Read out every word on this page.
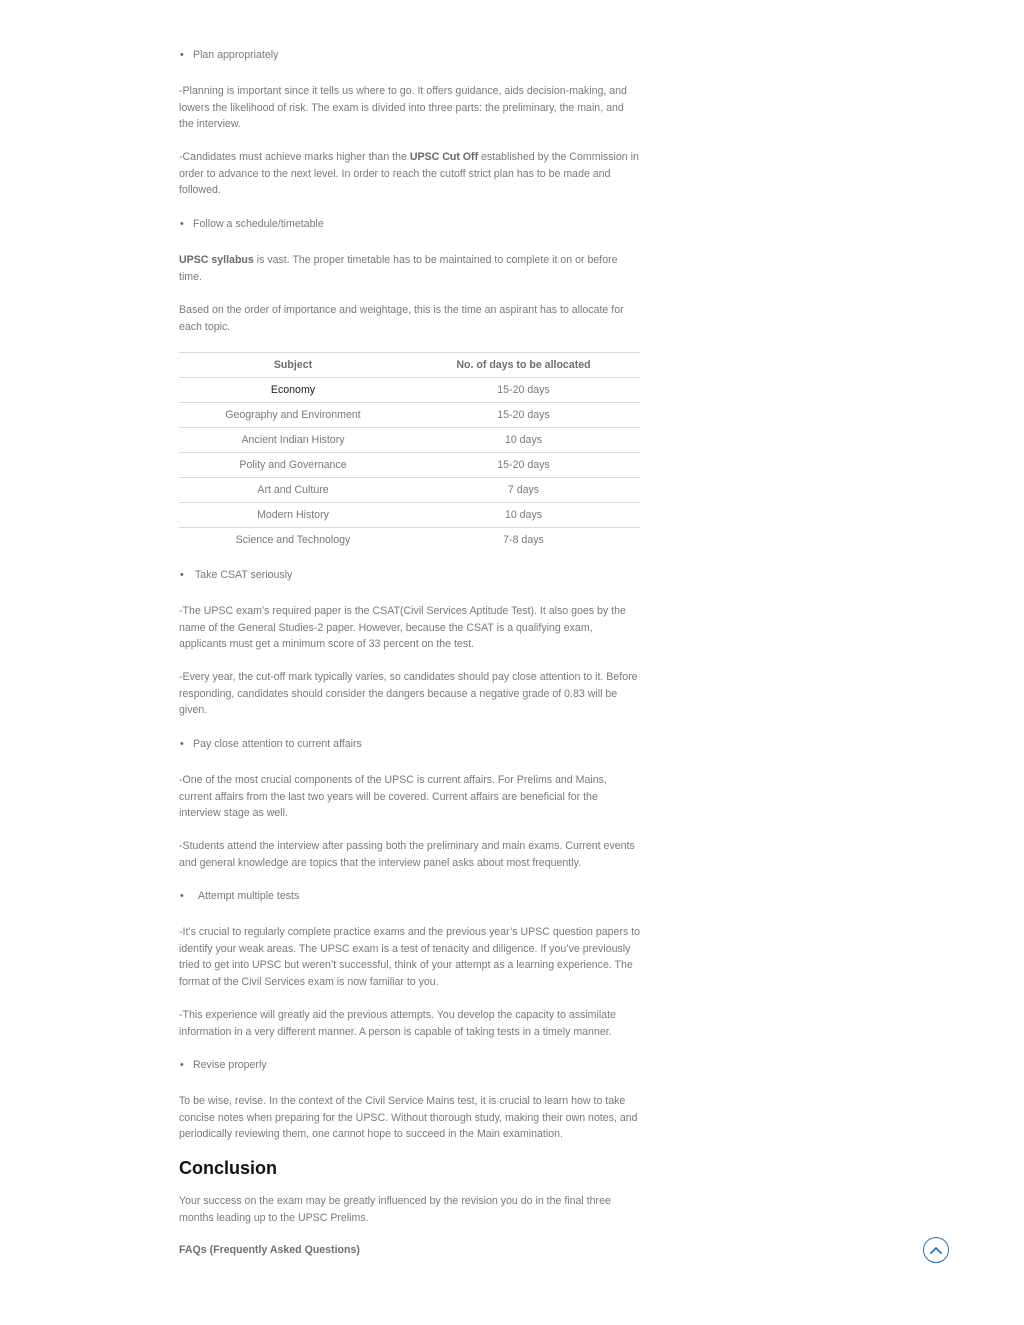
• Plan appropriately

-Planning is important since it tells us where to go. It offers guidance, aids decision-making, and lowers the likelihood of risk. The exam is divided into three parts: the preliminary, the main, and the interview.

-Candidates must achieve marks higher than the UPSC Cut Off established by the Commission in order to advance to the next level. In order to reach the cutoff strict plan has to be made and followed.

• Follow a schedule/timetable

UPSC syllabus is vast. The proper timetable has to be maintained to complete it on or before time.

Based on the order of importance and weightage, this is the time an aspirant has to allocate for each topic.

Subject	No. of days to be allocated
Economy	15-20 days
Geography and Environment	15-20 days
Ancient Indian History	10 days
Polity and Governance	15-20 days
Art and Culture	7 days
Modern History	10 days
Science and Technology	7-8 days
• Take CSAT seriously

-The UPSC exam’s required paper is the CSAT(Civil Services Aptitude Test). It also goes by the name of the General Studies-2 paper. However, because the CSAT is a qualifying exam, applicants must get a minimum score of 33 percent on the test.

-Every year, the cut-off mark typically varies, so candidates should pay close attention to it. Before responding, candidates should consider the dangers because a negative grade of 0.83 will be given.

• Pay close attention to current affairs

-One of the most crucial components of the UPSC is current affairs. For Prelims and Mains, current affairs from the last two years will be covered. Current affairs are beneficial for the interview stage as well.

-Students attend the interview after passing both the preliminary and main exams. Current events and general knowledge are topics that the interview panel asks about most frequently.

• Attempt multiple tests

-It’s crucial to regularly complete practice exams and the previous year’s UPSC question papers to identify your weak areas. The UPSC exam is a test of tenacity and diligence. If you’ve previously tried to get into UPSC but weren’t successful, think of your attempt as a learning experience. The format of the Civil Services exam is now familiar to you.

-This experience will greatly aid the previous attempts. You develop the capacity to assimilate information in a very different manner. A person is capable of taking tests in a timely manner.

• Revise properly

To be wise, revise. In the context of the Civil Service Mains test, it is crucial to learn how to take concise notes when preparing for the UPSC. Without thorough study, making their own notes, and periodically reviewing them, one cannot hope to succeed in the Main examination.

Conclusion

Your success on the exam may be greatly influenced by the revision you do in the final three months leading up to the UPSC Prelims.

FAQs (Frequently Asked Questions)
